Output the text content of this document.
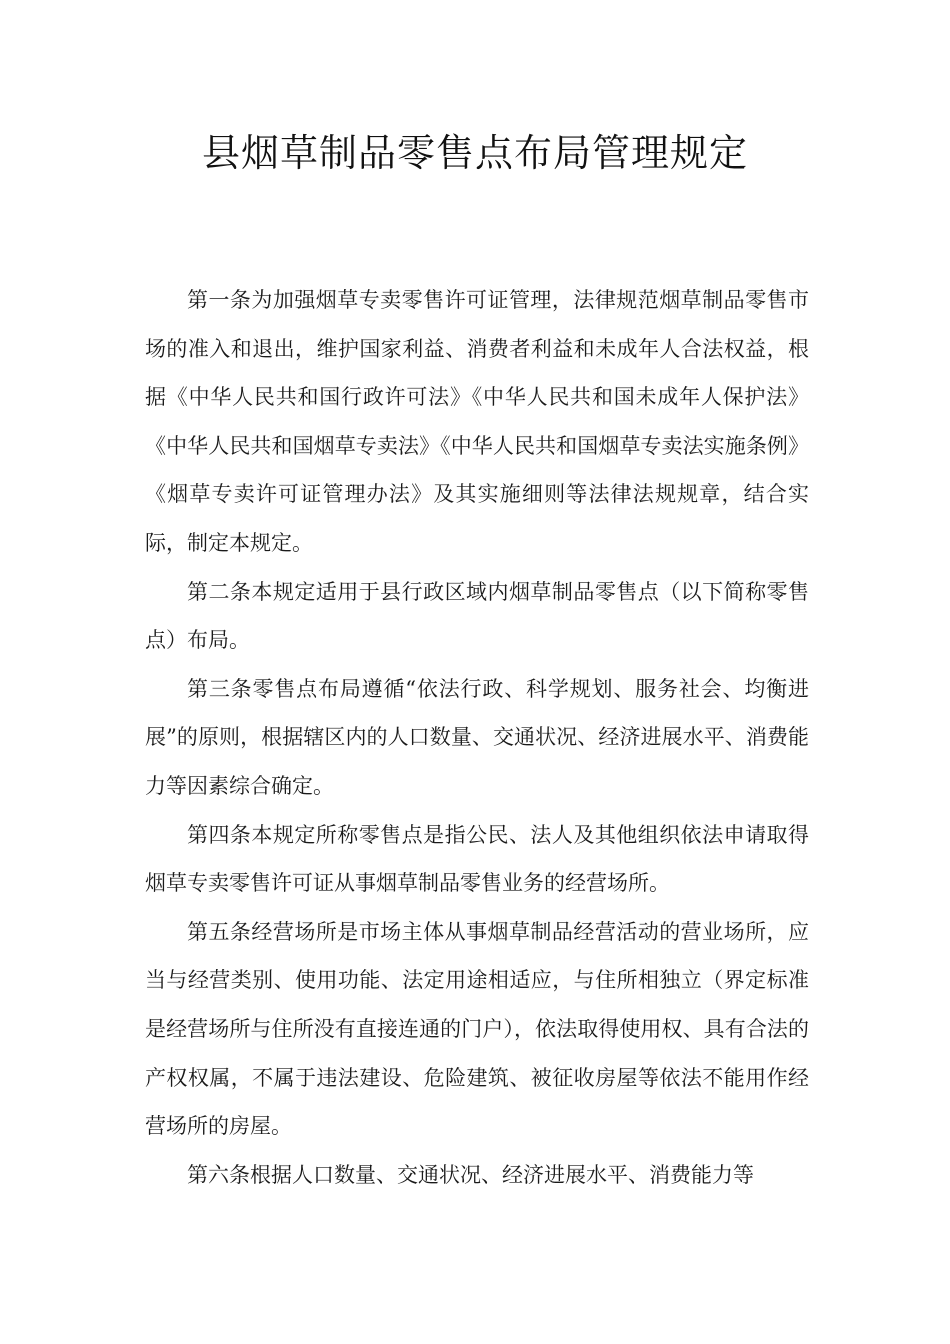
县烟草制品零售点布局管理规定

第一条为加强烟草专卖零售许可证管理，法律规范烟草制品零售市场的准入和退出，维护国家利益、消费者利益和未成年人合法权益，根据《中华人民共和国行政许可法》《中华人民共和国未成年人保护法》《中华人民共和国烟草专卖法》《中华人民共和国烟草专卖法实施条例》《烟草专卖许可证管理办法》及其实施细则等法律法规规章，结合实际，制定本规定。

第二条本规定适用于县行政区域内烟草制品零售点（以下简称零售点）布局。

第三条零售点布局遵循“依法行政、科学规划、服务社会、均衡进展”的原则，根据辖区内的人口数量、交通状况、经济进展水平、消费能力等因素综合确定。

第四条本规定所称零售点是指公民、法人及其他组织依法申请取得烟草专卖零售许可证从事烟草制品零售业务的经营场所。

第五条经营场所是市场主体从事烟草制品经营活动的营业场所，应当与经营类别、使用功能、法定用途相适应，与住所相独立（界定标准是经营场所与住所没有直接连通的门户），依法取得使用权、具有合法的产权权属，不属于违法建设、危险建筑、被征收房屋等依法不能用作经营场所的房屋。

第六条根据人口数量、交通状况、经济进展水平、消费能力等
